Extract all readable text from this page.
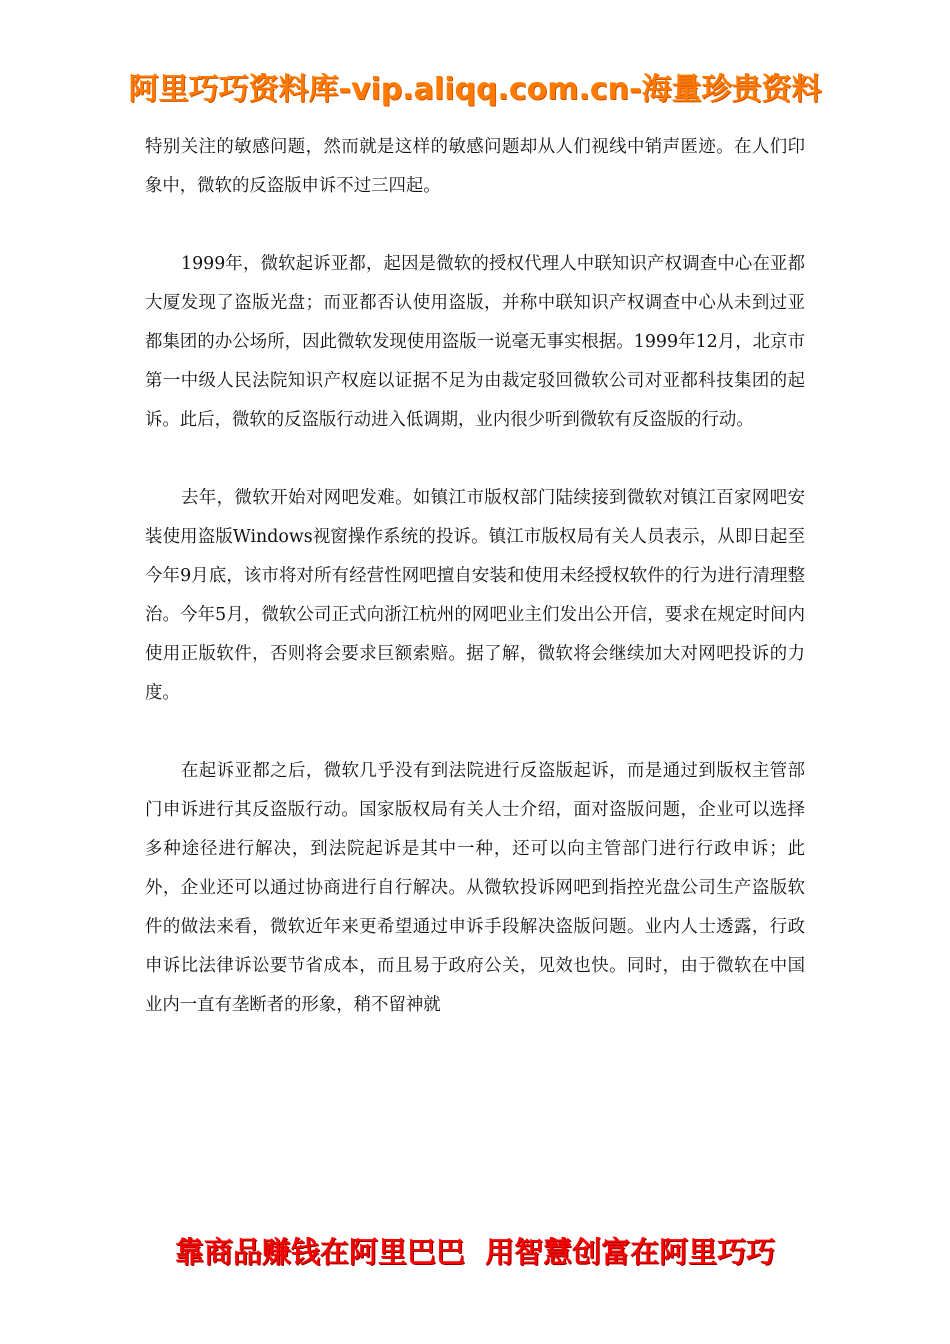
阿里巧巧资料库-vip.aliqq.com.cn-海量珍贵资料

特别关注的敏感问题，然而就是这样的敏感问题却从人们视线中销声匿迹。在人们印象中，微软的反盗版申诉不过三四起。

1999年，微软起诉亚都，起因是微软的授权代理人中联知识产权调查中心在亚都大厦发现了盗版光盘；而亚都否认使用盗版，并称中联知识产权调查中心从未到过亚都集团的办公场所，因此微软发现使用盗版一说毫无事实根据。1999年12月，北京市第一中级人民法院知识产权庭以证据不足为由裁定驳回微软公司对亚都科技集团的起诉。此后，微软的反盗版行动进入低调期，业内很少听到微软有反盗版的行动。

去年，微软开始对网吧发难。如镇江市版权部门陆续接到微软对镇江百家网吧安装使用盗版Windows视窗操作系统的投诉。镇江市版权局有关人员表示，从即日起至今年9月底，该市将对所有经营性网吧擅自安装和使用未经授权软件的行为进行清理整治。今年5月，微软公司正式向浙江杭州的网吧业主们发出公开信，要求在规定时间内使用正版软件，否则将会要求巨额索赔。据了解，微软将会继续加大对网吧投诉的力度。

在起诉亚都之后，微软几乎没有到法院进行反盗版起诉，而是通过到版权主管部门申诉进行其反盗版行动。国家版权局有关人士介绍，面对盗版问题，企业可以选择多种途径进行解决，到法院起诉是其中一种，还可以向主管部门进行行政申诉；此外，企业还可以通过协商进行自行解决。从微软投诉网吧到指控光盘公司生产盗版软件的做法来看，微软近年来更希望通过申诉手段解决盗版问题。业内人士透露，行政申诉比法律诉讼要节省成本，而且易于政府公关，见效也快。同时，由于微软在中国业内一直有垄断者的形象，稍不留神就

靠商品赚钱在阿里巴巴  用智慧创富在阿里巧巧
